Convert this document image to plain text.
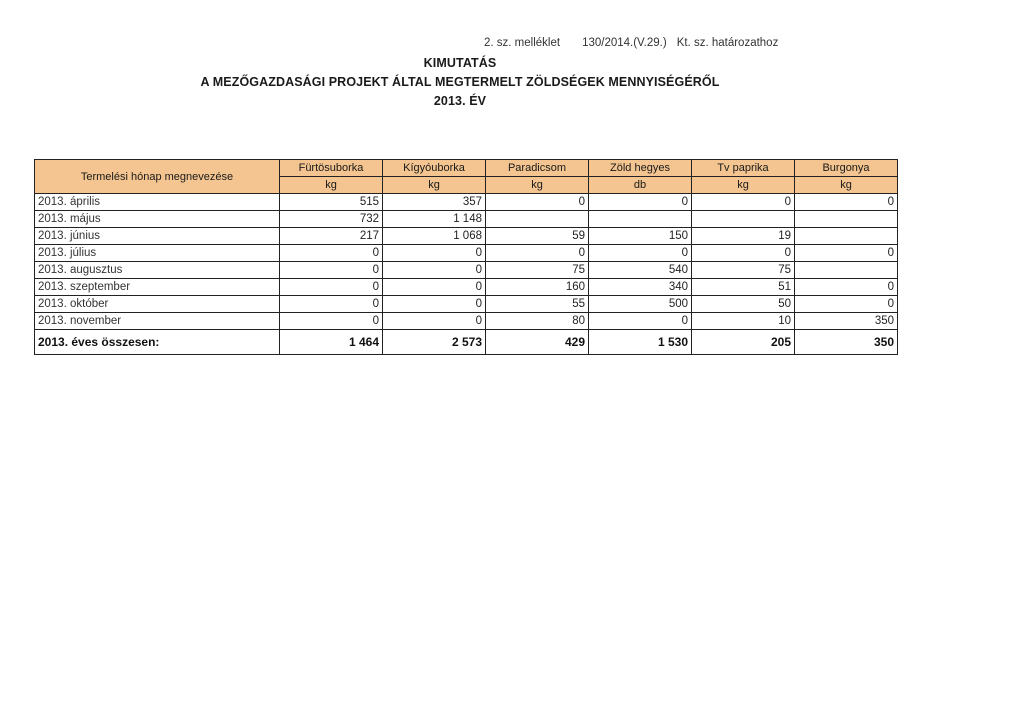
2. sz. melléklet 130/2014.(V.29.) Kt. sz. határozathoz
KIMUTATÁS
A MEZŐGAZDASÁGI PROJEKT ÁLTAL MEGTERMELT ZÖLDSÉGEK MENNYISÉGÉRŐL
2013. ÉV
Termelési hónap megnevezése	Fürtösuborka	Kígyóuborka	Paradicsom	Zöld hegyes	Tv paprika	Burgonya
	kg	kg	kg	db	kg	kg
2013. április	515	357	0	0	0	0
2013. május	732	1 148				
2013. június	217	1 068	59	150	19	
2013. július	0	0	0	0	0	0
2013. augusztus	0	0	75	540	75	
2013. szeptember	0	0	160	340	51	0
2013. október	0	0	55	500	50	0
2013. november	0	0	80	0	10	350
2013. éves összesen:	1 464	2 573	429	1 530	205	350
